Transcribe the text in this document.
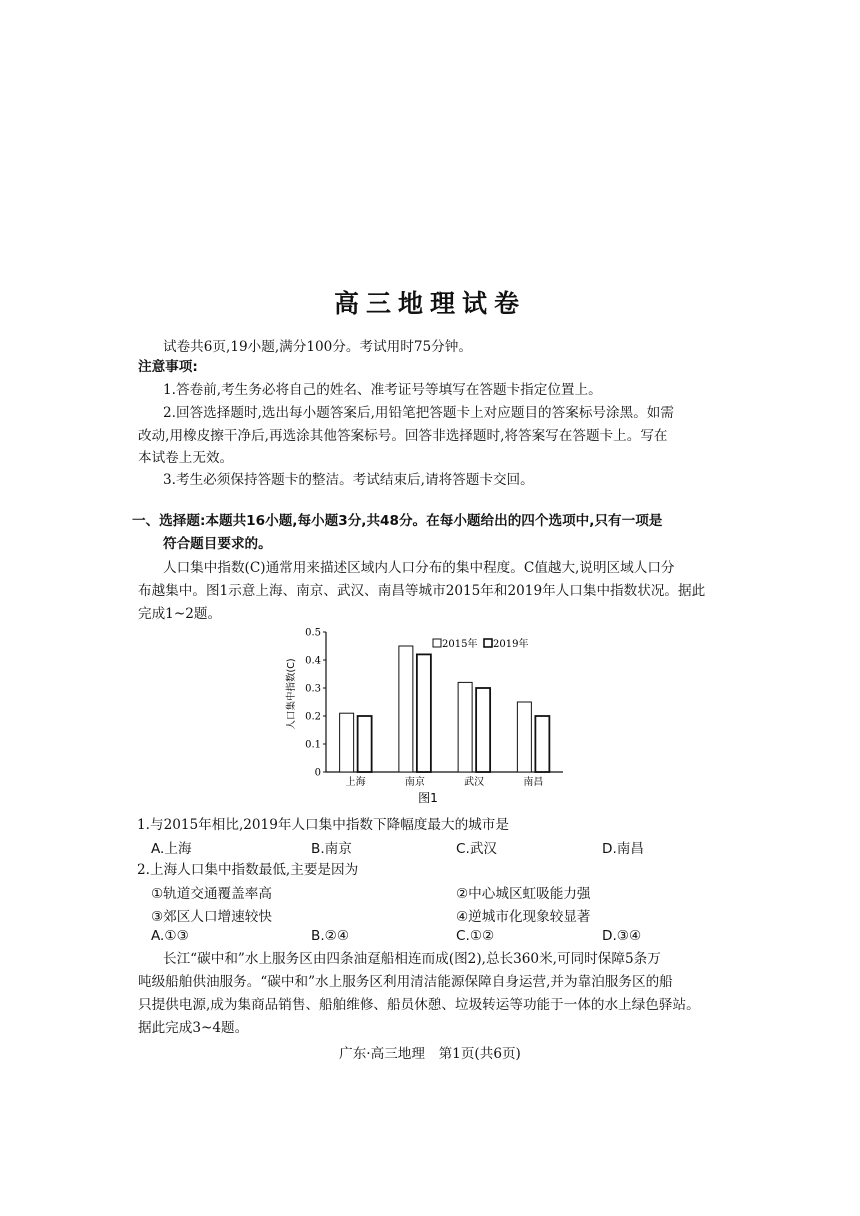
高三地理试卷
试卷共6页,19小题,满分100分。考试用时75分钟。
注意事项:
1.答卷前,考生务必将自己的姓名、准考证号等填写在答题卡指定位置上。
2.回答选择题时,选出每小题答案后,用铅笔把答题卡上对应题目的答案标号涂黑。如需
改动,用橡皮擦干净后,再选涂其他答案标号。回答非选择题时,将答案写在答题卡上。写在
本试卷上无效。
3.考生必须保持答题卡的整洁。考试结束后,请将答题卡交回。
一、选择题:本题共16小题,每小题3分,共48分。在每小题给出的四个选项中,只有一项是
符合题目要求的。
人口集中指数(C)通常用来描述区域内人口分布的集中程度。C值越大,说明区域人口分
布越集中。图1示意上海、南京、武汉、南昌等城市2015年和2019年人口集中指数状况。据此
完成1~2题。
人口集中指数(C)
0
0.1
0.2
0.3
0.4
0.5
上海	南京	武汉	南昌
2015年 2019年
图1
1.与2015年相比,2019年人口集中指数下降幅度最大的城市是
A.上海	B.南京	C.武汉	D.南昌
2.上海人口集中指数最低,主要是因为
①轨道交通覆盖率高	②中心城区虹吸能力强
③郊区人口增速较快	④逆城市化现象较显著
A.①③	B.②④	C.①②	D.③④
长江“碳中和”水上服务区由四条油趸船相连而成(图2),总长360米,可同时保障5条万
吨级船舶供油服务。“碳中和”水上服务区利用清洁能源保障自身运营,并为靠泊服务区的船
只提供电源,成为集商品销售、船舶维修、船员休憩、垃圾转运等功能于一体的水上绿色驿站。
据此完成3~4题。
广东·高三地理　第1页(共6页)
